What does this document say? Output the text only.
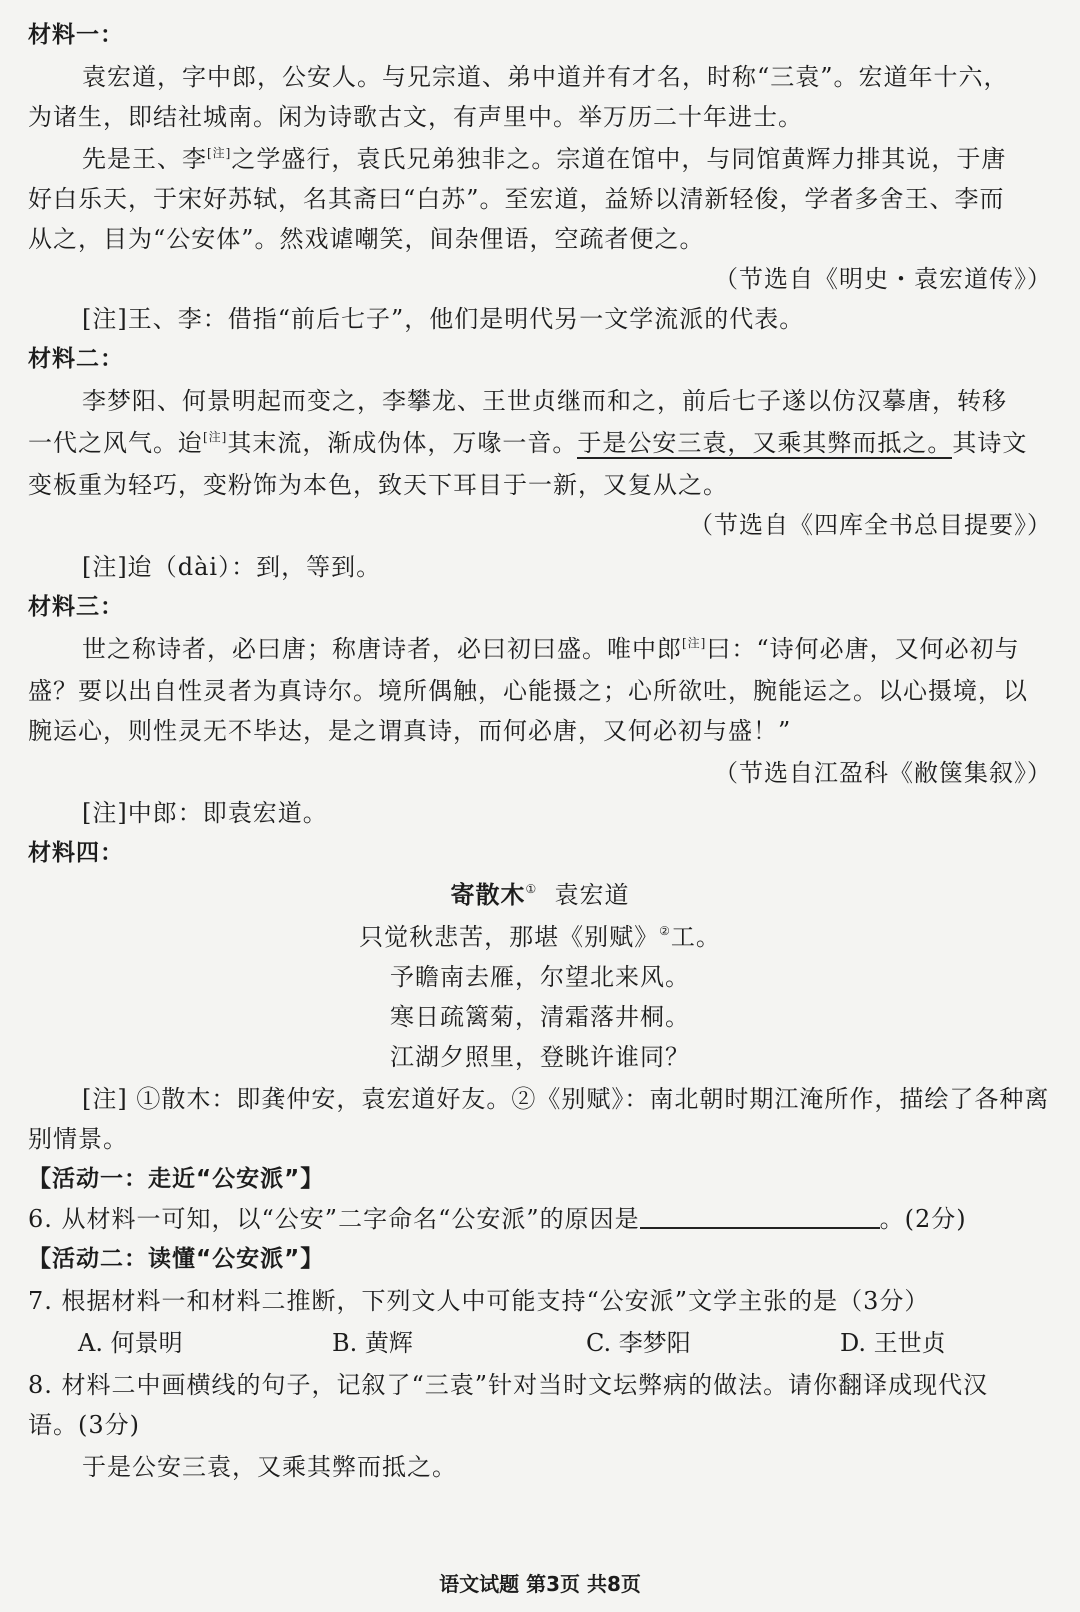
材料一：
袁宏道，字中郎，公安人。与兄宗道、弟中道并有才名，时称“三袁”。宏道年十六，
为诸生，即结社城南。闲为诗歌古文，有声里中。举万历二十年进士。
先是王、李[注]之学盛行，袁氏兄弟独非之。宗道在馆中，与同馆黄辉力排其说，于唐
好白乐天，于宋好苏轼，名其斋曰“白苏”。至宏道，益矫以清新轻俊，学者多舍王、李而
从之，目为“公安体”。然戏谑嘲笑，间杂俚语，空疏者便之。
（节选自《明史・袁宏道传》）
[注]王、李：借指“前后七子”，他们是明代另一文学流派的代表。
材料二：
李梦阳、何景明起而变之，李攀龙、王世贞继而和之，前后七子遂以仿汉摹唐，转移
一代之风气。迨[注]其末流，渐成伪体，万喙一音。于是公安三袁，又乘其弊而抵之。其诗文
变板重为轻巧，变粉饰为本色，致天下耳目于一新，又复从之。
（节选自《四库全书总目提要》）
[注]迨（dài）：到，等到。
材料三：
世之称诗者，必曰唐；称唐诗者，必曰初曰盛。唯中郎[注]曰：“诗何必唐，又何必初与
盛？要以出自性灵者为真诗尔。境所偶触，心能摄之；心所欲吐，腕能运之。以心摄境，以
腕运心，则性灵无不毕达，是之谓真诗，而何必唐，又何必初与盛！”
（节选自江盈科《敝箧集叙》）
[注]中郎：即袁宏道。
材料四：
寄散木① 袁宏道
只觉秋悲苦，那堪《别赋》②工。
予瞻南去雁，尔望北来风。
寒日疏篱菊，清霜落井桐。
江湖夕照里，登眺许谁同？
[注] ①散木：即龚仲安，袁宏道好友。②《别赋》：南北朝时期江淹所作，描绘了各种离
别情景。
【活动一：走近“公安派”】
6. 从材料一可知，以“公安”二字命名“公安派”的原因是	。(2分)
【活动二：读懂“公安派”】
7. 根据材料一和材料二推断，下列文人中可能支持“公安派”文学主张的是（3分）
A. 何景明	B. 黄辉	C. 李梦阳	D. 王世贞
8. 材料二中画横线的句子，记叙了“三袁”针对当时文坛弊病的做法。请你翻译成现代汉
语。(3分)
于是公安三袁，又乘其弊而抵之。
语文试题 第3页 共8页
